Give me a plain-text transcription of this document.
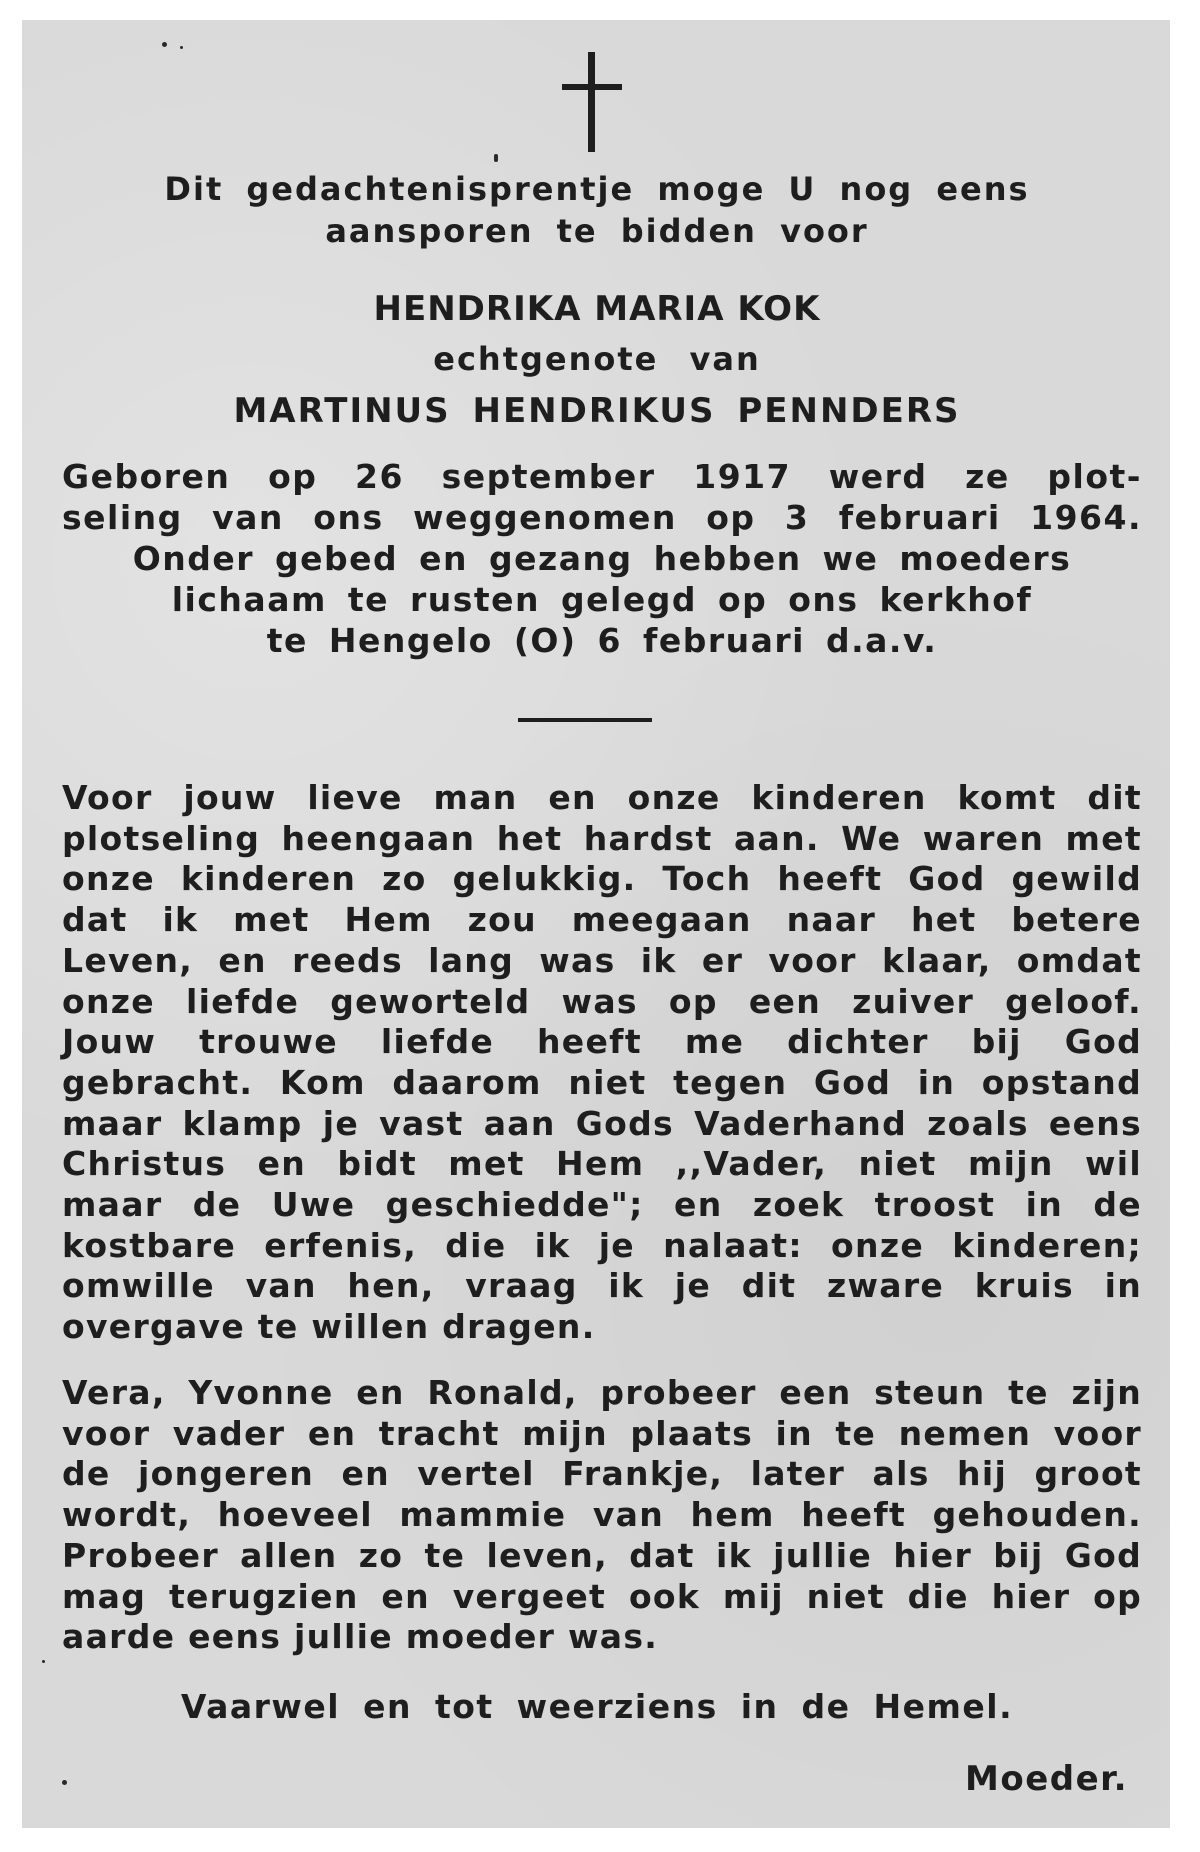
Dit gedachtenisprentje moge U nog eens
aansporen te bidden voor

HENDRIKA MARIA KOK

echtgenote van

MARTINUS HENDRIKUS PENNDERS

Geboren op 26 september 1917 werd ze plot-
seling van ons weggenomen op 3 februari 1964.
Onder gebed en gezang hebben we moeders
lichaam te rusten gelegd op ons kerkhof
te Hengelo (O) 6 februari d.a.v.

Voor jouw lieve man en onze kinderen komt dit
plotseling heengaan het hardst aan. We waren met
onze kinderen zo gelukkig. Toch heeft God gewild
dat ik met Hem zou meegaan naar het betere
Leven, en reeds lang was ik er voor klaar, omdat
onze liefde geworteld was op een zuiver geloof.
Jouw trouwe liefde heeft me dichter bij God
gebracht. Kom daarom niet tegen God in opstand
maar klamp je vast aan Gods Vaderhand zoals eens
Christus en bidt met Hem ,,Vader, niet mijn wil
maar de Uwe geschiedde"; en zoek troost in de
kostbare erfenis, die ik je nalaat: onze kinderen;
omwille van hen, vraag ik je dit zware kruis in
overgave te willen dragen.

Vera, Yvonne en Ronald, probeer een steun te zijn
voor vader en tracht mijn plaats in te nemen voor
de jongeren en vertel Frankje, later als hij groot
wordt, hoeveel mammie van hem heeft gehouden.
Probeer allen zo te leven, dat ik jullie hier bij God
mag terugzien en vergeet ook mij niet die hier op
aarde eens jullie moeder was.

Vaarwel en tot weerziens in de Hemel.

Moeder.
